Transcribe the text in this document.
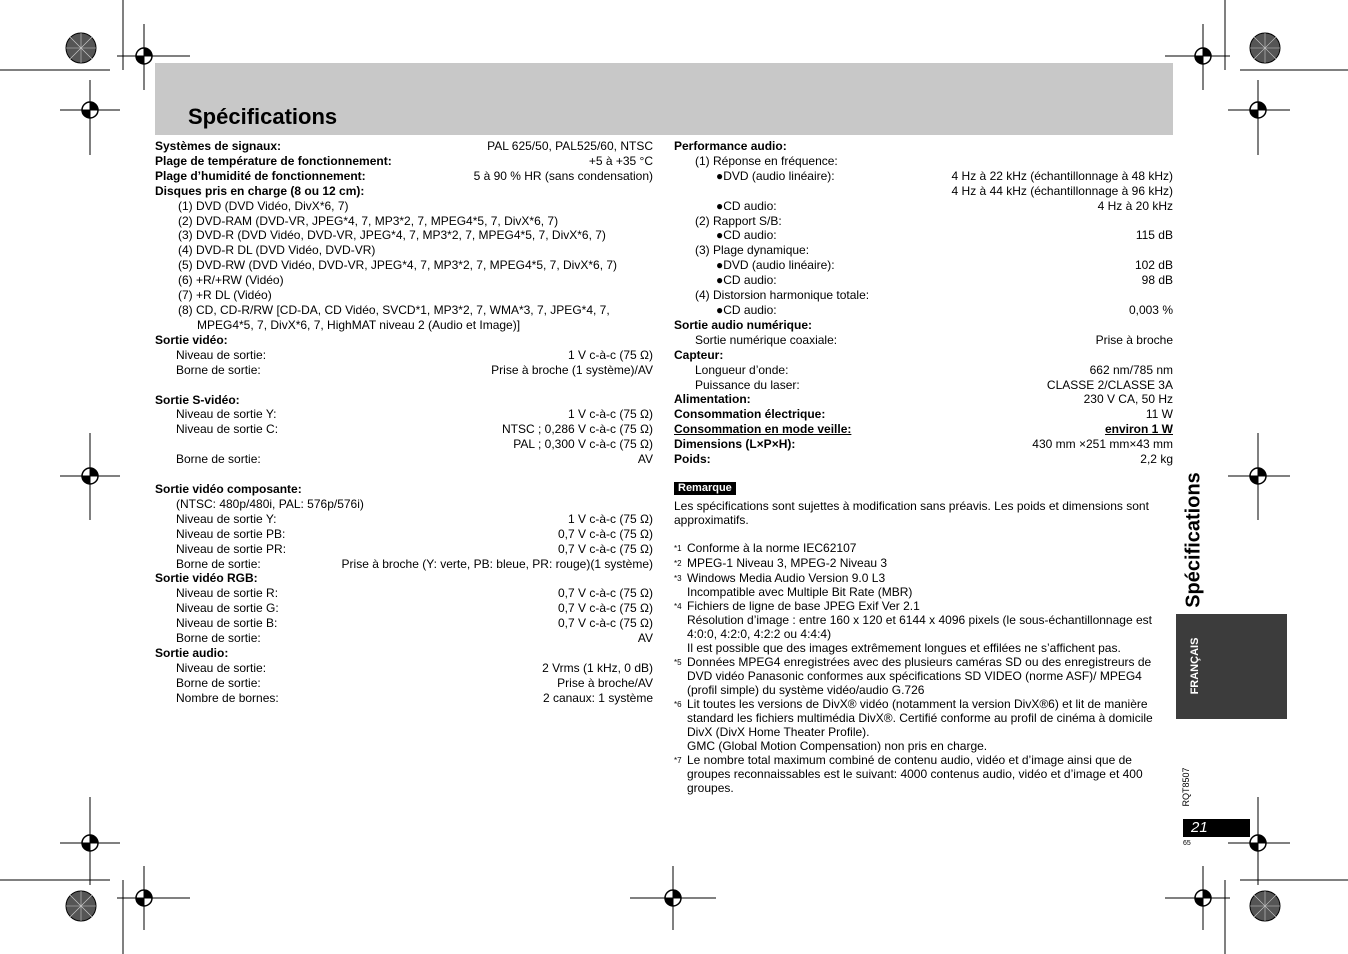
Spécifications
Systèmes de signaux:	PAL 625/50, PAL525/60, NTSC
Plage de température de fonctionnement:	+5 à +35 °C
Plage d’humidité de fonctionnement:	5 à 90 % HR (sans condensation)
Disques pris en charge (8 ou 12 cm):
(1) DVD (DVD Vidéo, DivX*6, 7)
(2) DVD-RAM (DVD-VR, JPEG*4, 7, MP3*2, 7, MPEG4*5, 7, DivX*6, 7)
(3) DVD-R (DVD Vidéo, DVD-VR, JPEG*4, 7, MP3*2, 7, MPEG4*5, 7, DivX*6, 7)
(4) DVD-R DL (DVD Vidéo, DVD-VR)
(5) DVD-RW (DVD Vidéo, DVD-VR, JPEG*4, 7, MP3*2, 7, MPEG4*5, 7, DivX*6, 7)
(6) +R/+RW (Vidéo)
(7) +R DL (Vidéo)
(8) CD, CD-R/RW [CD-DA, CD Vidéo, SVCD*1, MP3*2, 7, WMA*3, 7, JPEG*4, 7,
MPEG4*5, 7, DivX*6, 7, HighMAT niveau 2 (Audio et Image)]
Sortie vidéo:
Niveau de sortie:	1 V c-à-c (75 Ω)
Borne de sortie:	Prise à broche (1 système)/AV
Sortie S-vidéo:
Niveau de sortie Y:	1 V c-à-c (75 Ω)
Niveau de sortie C:	NTSC ; 0,286 V c-à-c (75 Ω)
PAL ; 0,300 V c-à-c (75 Ω)
Borne de sortie:	AV
Sortie vidéo composante:
(NTSC: 480p/480i, PAL: 576p/576i)
Niveau de sortie Y:	1 V c-à-c (75 Ω)
Niveau de sortie PB:	0,7 V c-à-c (75 Ω)
Niveau de sortie PR:	0,7 V c-à-c (75 Ω)
Borne de sortie:	Prise à broche (Y: verte, PB: bleue, PR: rouge)(1 système)
Sortie vidéo RGB:
Niveau de sortie R:	0,7 V c-à-c (75 Ω)
Niveau de sortie G:	0,7 V c-à-c (75 Ω)
Niveau de sortie B:	0,7 V c-à-c (75 Ω)
Borne de sortie:	AV
Sortie audio:
Niveau de sortie:	2 Vrms (1 kHz, 0 dB)
Borne de sortie:	Prise à broche/AV
Nombre de bornes:	2 canaux: 1 système
Performance audio:
(1) Réponse en fréquence:
●DVD (audio linéaire):	4 Hz à 22 kHz (échantillonnage à 48 kHz)
4 Hz à 44 kHz (échantillonnage à 96 kHz)
●CD audio:	4 Hz à 20 kHz
(2) Rapport S/B:
●CD audio:	115 dB
(3) Plage dynamique:
●DVD (audio linéaire):	102 dB
●CD audio:	98 dB
(4) Distorsion harmonique totale:
●CD audio:	0,003 %
Sortie audio numérique:
Sortie numérique coaxiale:	Prise à broche
Capteur:
Longueur d’onde:	662 nm/785 nm
Puissance du laser:	CLASSE 2/CLASSE 3A
Alimentation:	230 V CA, 50 Hz
Consommation électrique:	11 W
Consommation en mode veille:	environ 1 W
Dimensions (L×P×H):	430 mm ×251 mm×43 mm
Poids:	2,2 kg
Remarque
Les spécifications sont sujettes à modification sans préavis. Les poids et dimensions sont approximatifs.
*1 Conforme à la norme IEC62107
*2 MPEG-1 Niveau 3, MPEG-2 Niveau 3
*3 Windows Media Audio Version 9.0 L3
Incompatible avec Multiple Bit Rate (MBR)
*4 Fichiers de ligne de base JPEG Exif Ver 2.1
Résolution d’image : entre 160 x 120 et 6144 x 4096 pixels (le sous-échantillonnage est 4:0:0, 4:2:0, 4:2:2 ou 4:4:4)
Il est possible que des images extrêmement longues et effilées ne s’affichent pas.
*5 Données MPEG4 enregistrées avec des plusieurs caméras SD ou des enregistreurs de DVD vidéo Panasonic conformes aux spécifications SD VIDEO (norme ASF)/ MPEG4 (profil simple) du système vidéo/audio G.726
*6 Lit toutes les versions de DivX® vidéo (notamment la version DivX®6) et lit de manière standard les fichiers multimédia DivX®. Certifié conforme au profil de cinéma à domicile DivX (DivX Home Theater Profile).
GMC (Global Motion Compensation) non pris en charge.
*7 Le nombre total maximum combiné de contenu audio, vidéo et d’image ainsi que de groupes reconnaissables est le suivant: 4000 contenus audio, vidéo et d’image et 400 groupes.
Spécifications
FRANÇAIS
RQT8507
21
65
